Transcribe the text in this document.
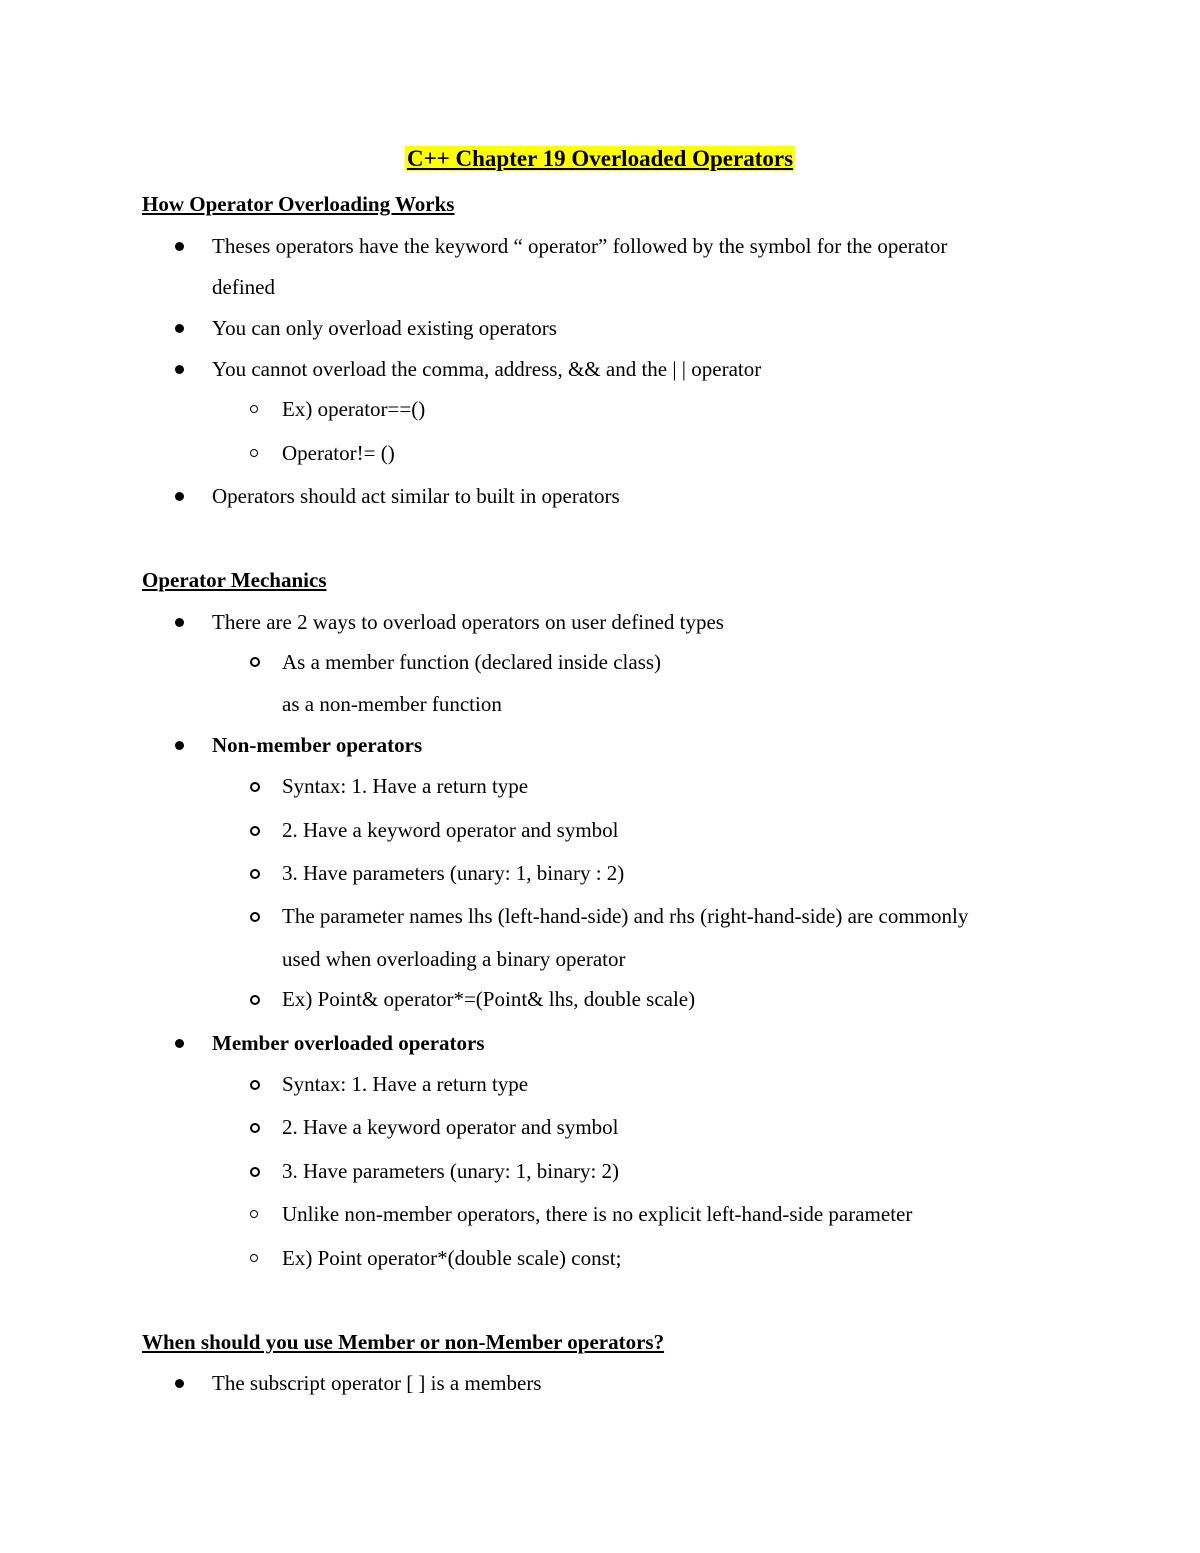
C++ Chapter 19 Overloaded Operators
How Operator Overloading Works
Theses operators have the keyword “ operator” followed by the symbol for the operator
defined
You can only overload existing operators
You cannot overload the comma, address, && and the | | operator
Ex) operator==()
Operator!= ()
Operators should act similar to built in operators
Operator Mechanics
There are 2 ways to overload operators on user defined types
As a member function (declared inside class)
as a non-member function
Non-member operators
Syntax: 1. Have a return type
2. Have a keyword operator and symbol
3. Have parameters (unary: 1, binary : 2)
The parameter names lhs (left-hand-side) and rhs (right-hand-side) are commonly
used when overloading a binary operator
Ex) Point& operator*=(Point& lhs, double scale)
Member overloaded operators
Syntax: 1. Have a return type
2. Have a keyword operator and symbol
3. Have parameters (unary: 1, binary: 2)
Unlike non-member operators, there is no explicit left-hand-side parameter
Ex) Point operator*(double scale) const;
When should you use Member or non-Member operators?
The subscript operator [ ] is a members
